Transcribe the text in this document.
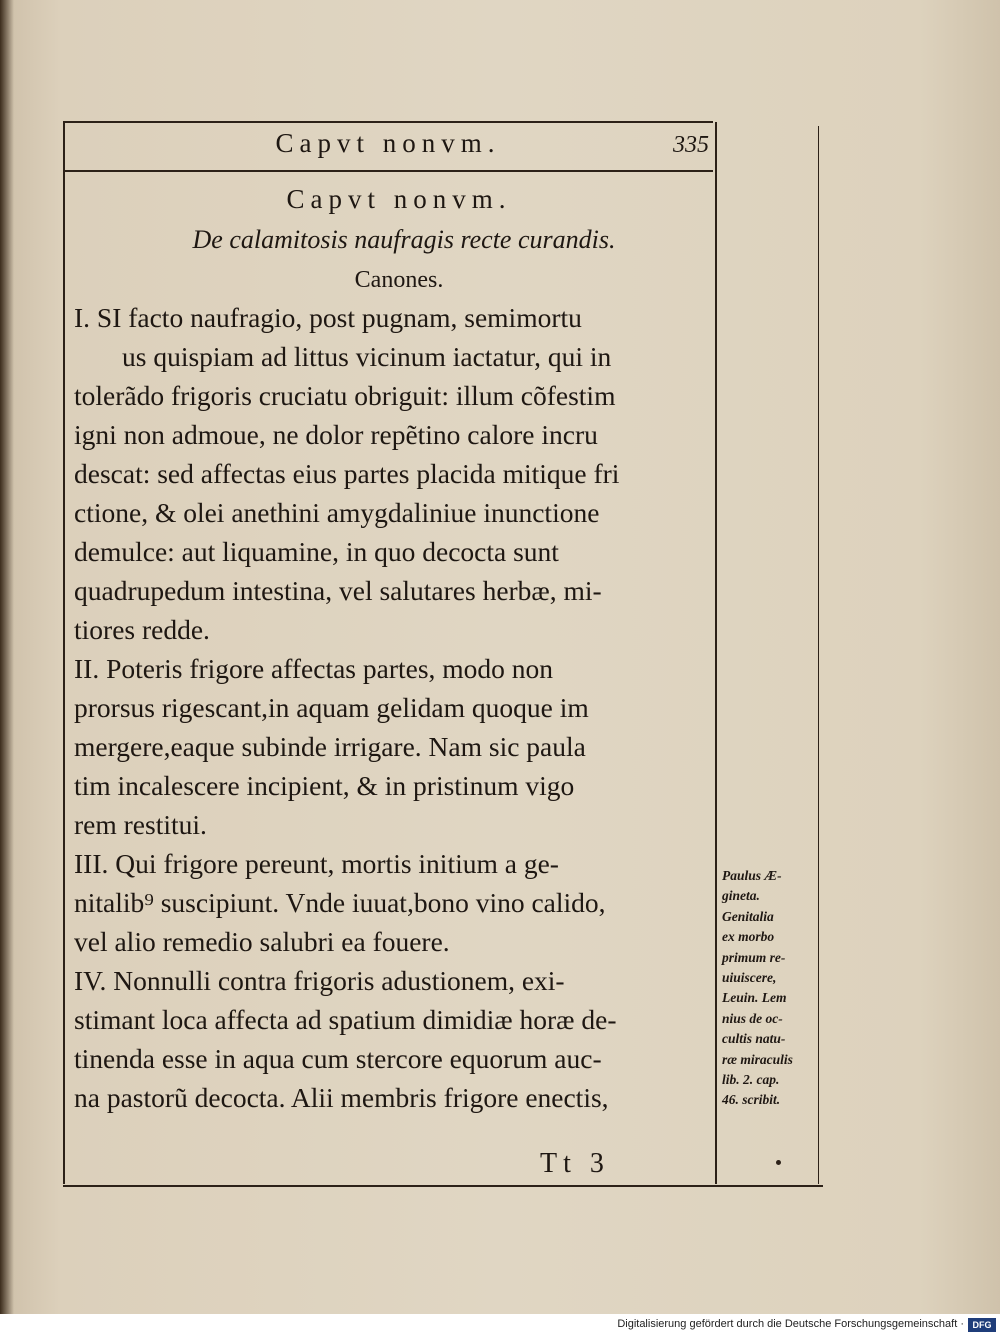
Capvt nonvm.	335
Capvt nonvm.
De calamitosis naufragis recte curandis.
Canones.
I. SI facto naufragio, post pugnam, semimortu
us quispiam ad littus vicinum iactatur, qui in
tolerãdo frigoris cruciatu obriguit: illum cõfestim
igni non admoue, ne dolor repẽtino calore incru
descat: sed affectas eius partes placida mitique fri
ctione, & olei anethini amygdaliniue inunctione
demulce: aut liquamine, in quo decocta sunt
quadrupedum intestina, vel salutares herbæ, mi-
tiores redde.
II. Poteris frigore affectas partes, modo non
prorsus rigescant,in aquam gelidam quoque im
mergere,eaque subinde irrigare. Nam sic paula
tim incalescere incipient, & in pristinum vigo
rem restitui.
III. Qui frigore pereunt, mortis initium a ge-
nitalib⁹ suscipiunt. Vnde iuuat,bono vino calido,
vel alio remedio salubri ea fouere.
IV. Nonnulli contra frigoris adustionem, exi-
stimant loca affecta ad spatium dimidiæ horæ de-
tinenda esse in aqua cum stercore equorum auc-
na pastorũ decocta. Alii membris frigore enectis,
Paulus Æ-
gineta.
Genitalia
ex morbo
primum re-
uiuiscere,
Leuin. Lem
nius de oc-
cultis natu-
ræ miraculis
lib. 2. cap.
46. scribit.
Tt 3
Digitalisierung gefördert durch die Deutsche Forschungsgemeinschaft · DFG
